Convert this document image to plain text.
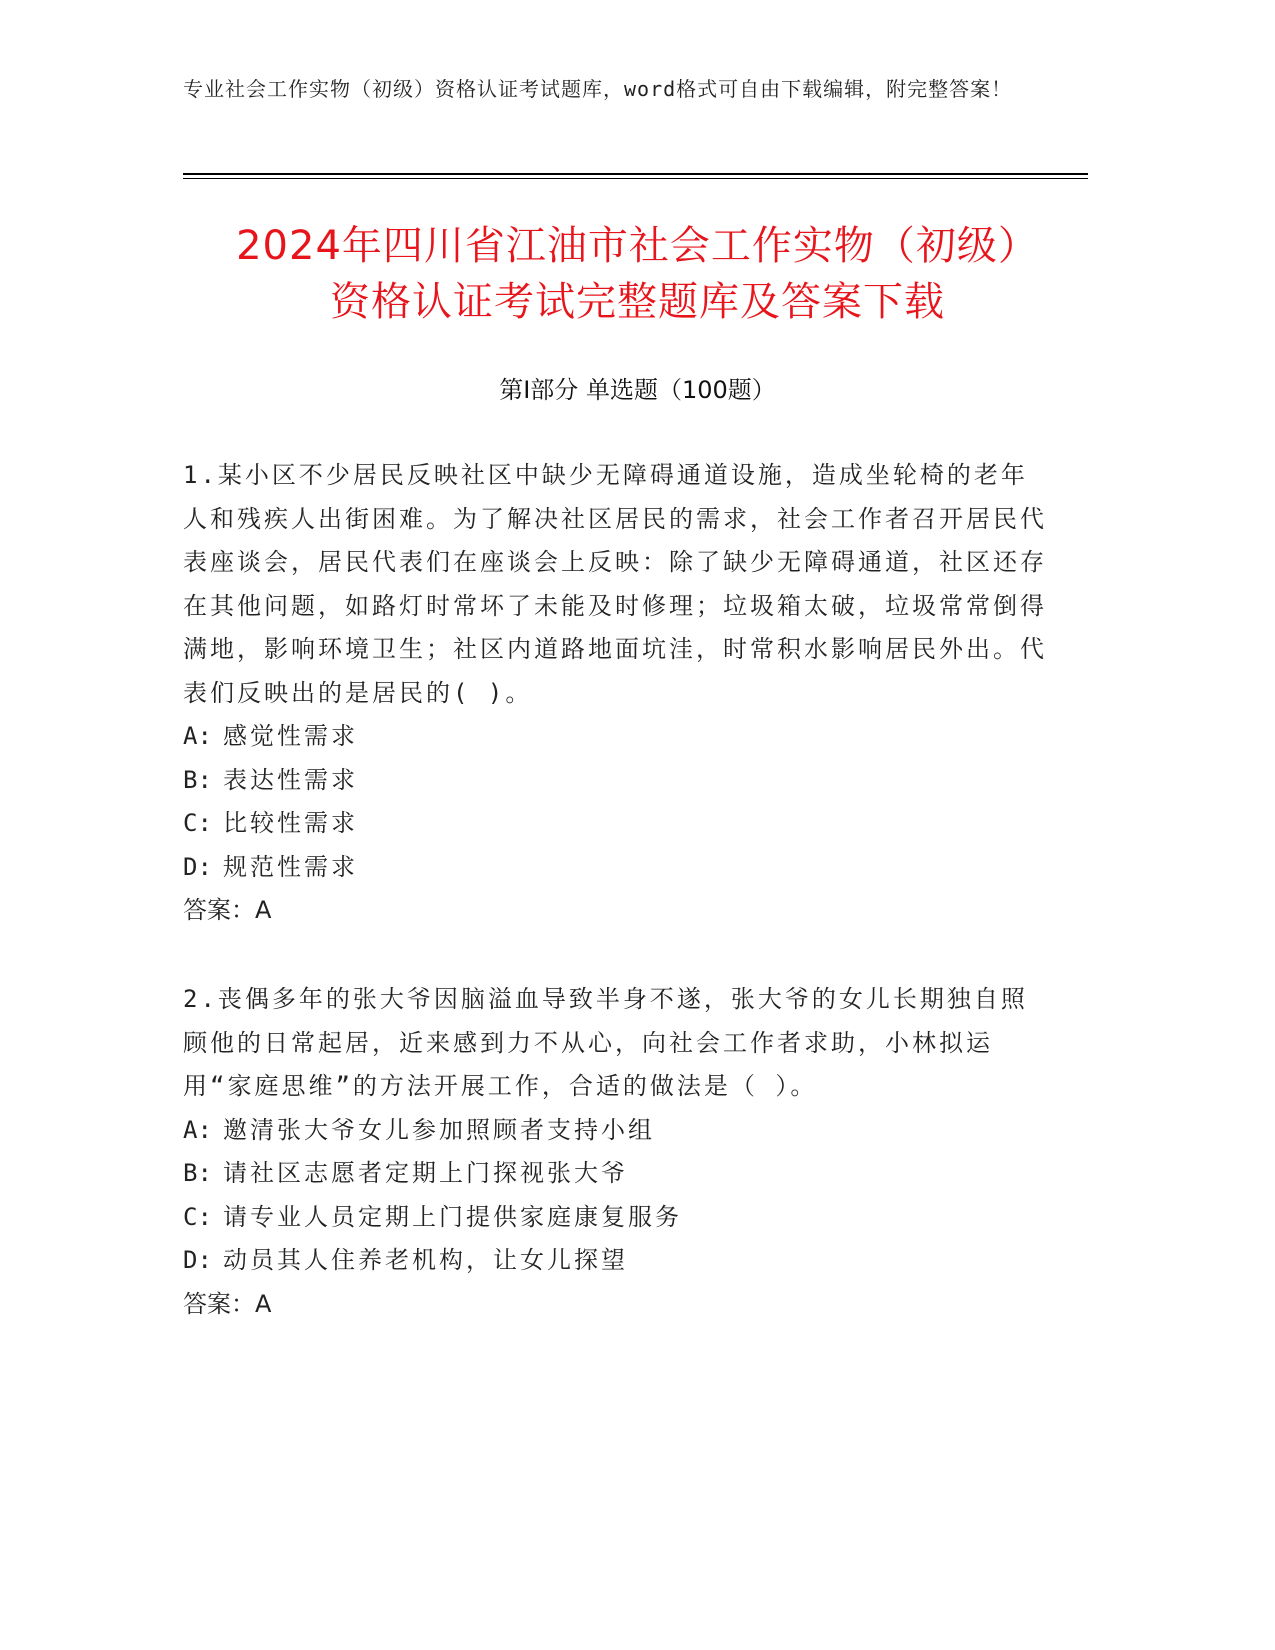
专业社会工作实物（初级）资格认证考试题库，word格式可自由下载编辑，附完整答案！
2024年四川省江油市社会工作实物（初级）
资格认证考试完整题库及答案下载
第I部分 单选题（100题）

1.某小区不少居民反映社区中缺少无障碍通道设施，造成坐轮椅的老年人和残疾人出街困难。为了解决社区居民的需求，社会工作者召开居民代表座谈会，居民代表们在座谈会上反映：除了缺少无障碍通道，社区还存在其他问题，如路灯时常坏了未能及时修理；垃圾箱太破，垃圾常常倒得满地，影响环境卫生；社区内道路地面坑洼，时常积水影响居民外出。代表们反映出的是居民的( )。

A: 感觉性需求

B: 表达性需求

C: 比较性需求

D: 规范性需求

答案：A

2.丧偶多年的张大爷因脑溢血导致半身不遂，张大爷的女儿长期独自照顾他的日常起居，近来感到力不从心，向社会工作者求助，小林拟运用“家庭思维”的方法开展工作，合适的做法是（ ）。

A: 邀清张大爷女儿参加照顾者支持小组

B: 请社区志愿者定期上门探视张大爷

C: 请专业人员定期上门提供家庭康复服务

D: 动员其人住养老机构，让女儿探望

答案：A
